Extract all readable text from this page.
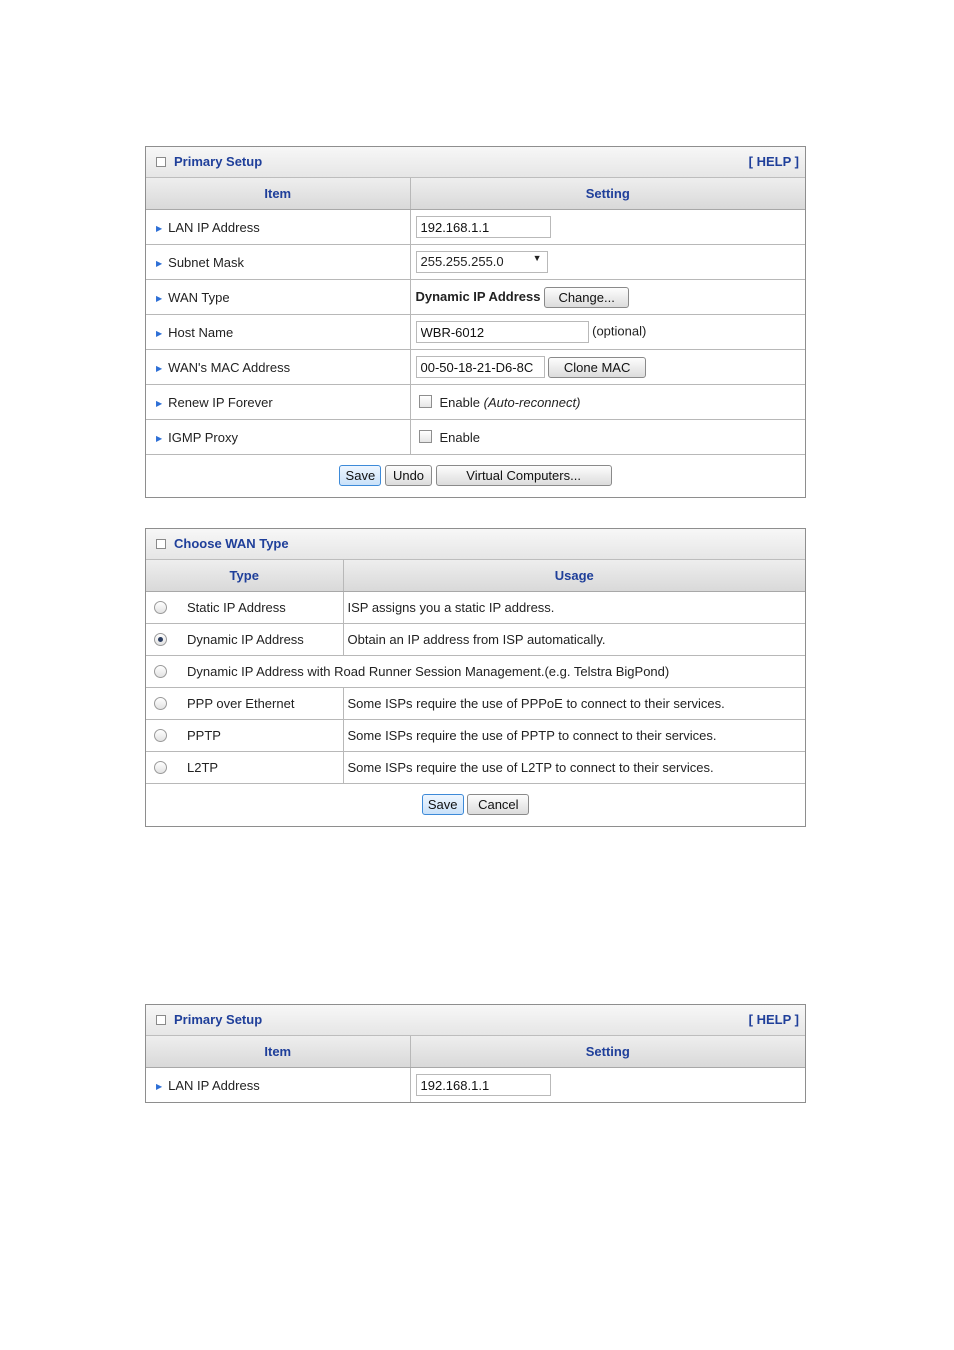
Primary Setup	[ HELP ]
Item	Setting
▶ LAN IP Address	192.168.1.1
▶ Subnet Mask	255.255.255.0 ▼

▶ WAN Type	Dynamic IP Address Change...
▶ Host Name	WBR-6012(optional)
▶ WAN's MAC Address	00-50-18-21-D6-8CClone MAC
▶ Renew IP Forever	Enable (Auto-reconnect)
▶ IGMP Proxy	Enable
Save Undo Virtual Computers...	
Choose WAN Type
Type	Usage
Static IP Address	ISP assigns you a static IP address.
Dynamic IP Address	Obtain an IP address from ISP automatically.
Dynamic IP Address with Road Runner Session Management.(e.g. Telstra BigPond)	
PPP over Ethernet	Some ISPs require the use of PPPoE to connect to their services.
PPTP	Some ISPs require the use of PPTP to connect to their services.
L2TP	Some ISPs require the use of L2TP to connect to their services.
Save Cancel	
Primary Setup	[ HELP ]
Item	Setting
▶ LAN IP Address	192.168.1.1
